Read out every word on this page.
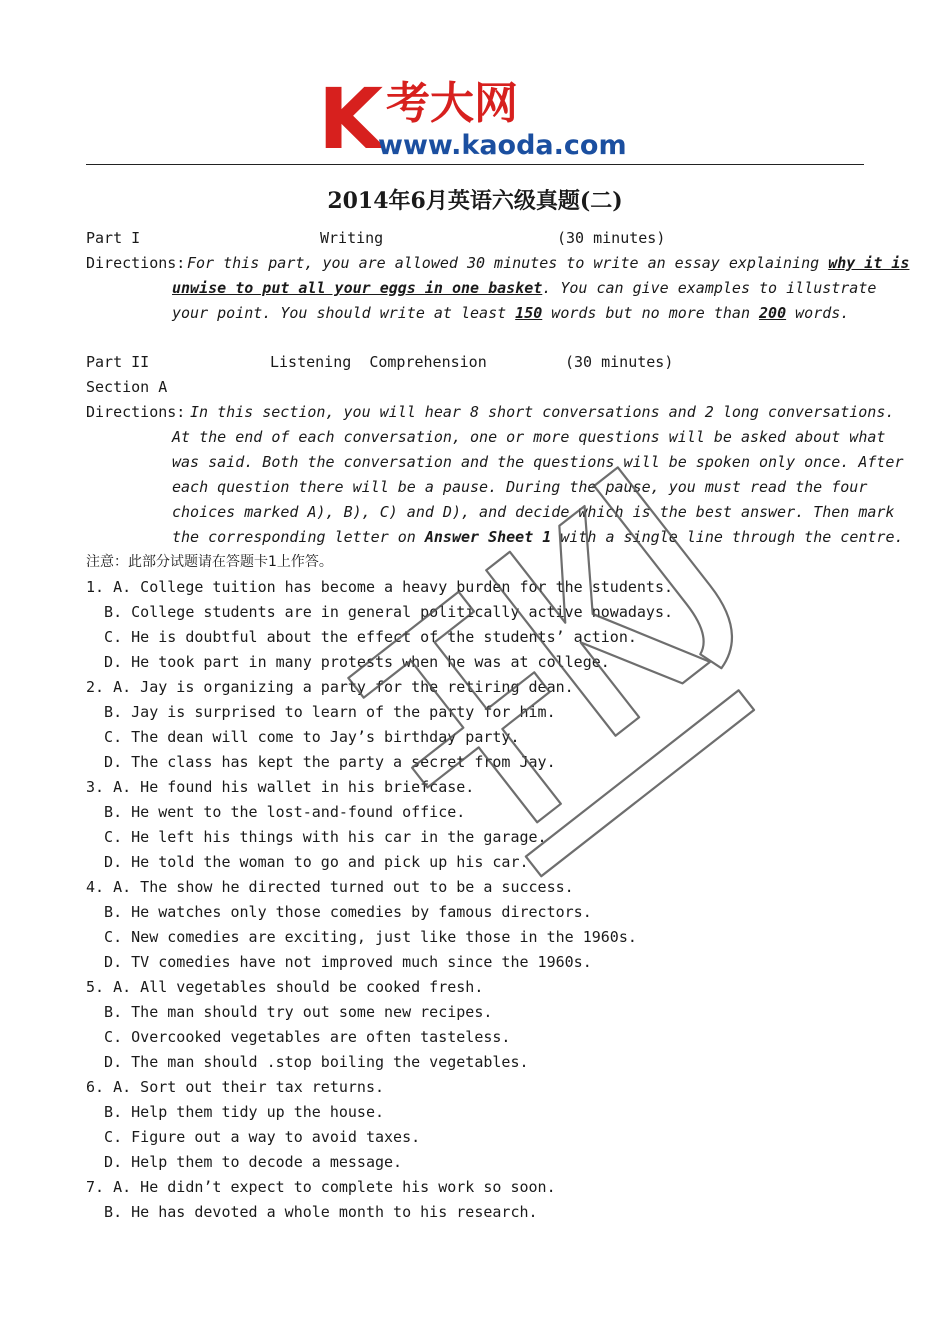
K 考大网
www.kaoda.com
2014年6月英语六级真题(二)
Part I	Writing	(30 minutes)
Directions: For this part, you are allowed 30 minutes to write an essay explaining why it is
unwise to put all your eggs in one basket. You can give examples to illustrate
your point. You should write at least 150 words but no more than 200 words.
Part II	Listening  Comprehension	(30 minutes)
Section A
Directions: In this section, you will hear 8 short conversations and 2 long conversations.
At the end of each conversation, one or more questions will be asked about what
was said. Both the conversation and the questions will be spoken only once. After
each question there will be a pause. During the pause, you must read the four
choices marked A), B), C) and D), and decide which is the best answer. Then mark
the corresponding letter on Answer Sheet 1 with a single line through the centre.
注意：此部分试题请在答题卡1上作答。
1. A. College tuition has become a heavy burden for the students.
B. College students are in general politically active nowadays.
C. He is doubtful about the effect of the students’ action.
D. He took part in many protests when he was at college.
2. A. Jay is organizing a party for the retiring dean.
B. Jay is surprised to learn of the party for him.
C. The dean will come to Jay’s birthday party.
D. The class has kept the party a secret from Jay.
3. A. He found his wallet in his briefcase.
B. He went to the lost-and-found office.
C. He left his things with his car in the garage.
D. He told the woman to go and pick up his car.
4. A. The show he directed turned out to be a success.
B. He watches only those comedies by famous directors.
C. New comedies are exciting, just like those in the 1960s.
D. TV comedies have not improved much since the 1960s.
5. A. All vegetables should be cooked fresh.
B. The man should try out some new recipes.
C. Overcooked vegetables are often tasteless.
D. The man should .stop boiling the vegetables.
6. A. Sort out their tax returns.
B. Help them tidy up the house.
C. Figure out a way to avoid taxes.
D. Help them to decode a message.
7. A. He didn’t expect to complete his work so soon.
B. He has devoted a whole month to his research.
